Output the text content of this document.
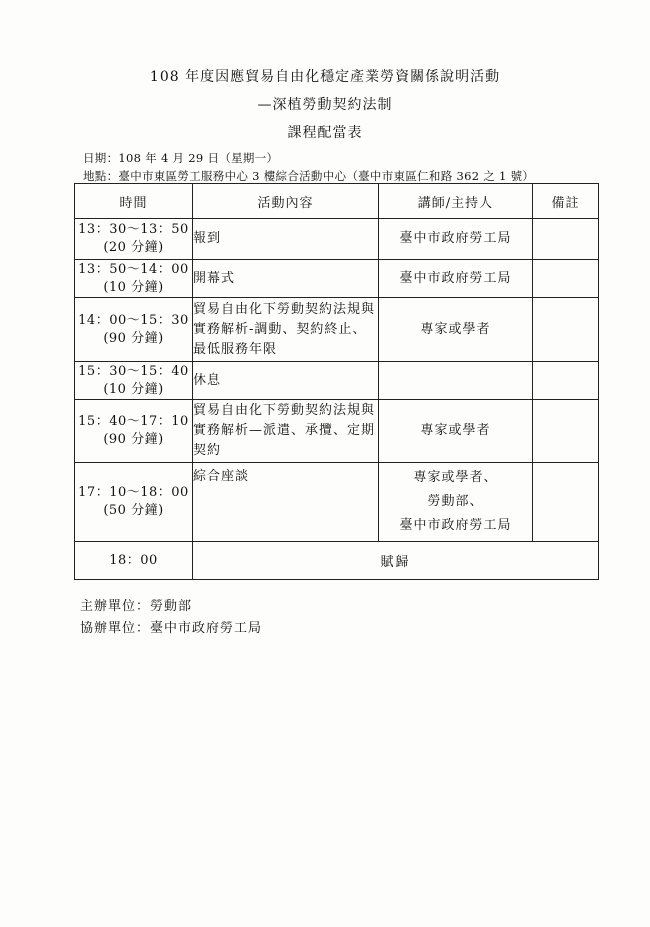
108 年度因應貿易自由化穩定產業勞資關係說明活動
—深植勞動契約法制
課程配當表
日期：108 年 4 月 29 日（星期一）
地點：臺中市東區勞工服務中心 3 樓綜合活動中心（臺中市東區仁和路 362 之 1 號）
時間	活動內容	講師/主持人	備註

13：30～13：50
(20 分鐘)	報到	臺中市政府勞工局	

13：50～14：00
(10 分鐘)	開幕式	臺中市政府勞工局	

14：00～15：30
(90 分鐘)	貿易自由化下勞動契約法規與實務解析-調動、契約終止、最低服務年限	專家或學者	

15：30～15：40
(10 分鐘)	休息		

15：40～17：10
(90 分鐘)	貿易自由化下勞動契約法規與實務解析—派遣、承攬、定期契約	專家或學者	

17：10～18：00
(50 分鐘)	綜合座談	專家或學者、
勞動部、
臺中市政府勞工局	

18：00	賦歸		
主辦單位：勞動部
協辦單位：臺中市政府勞工局
